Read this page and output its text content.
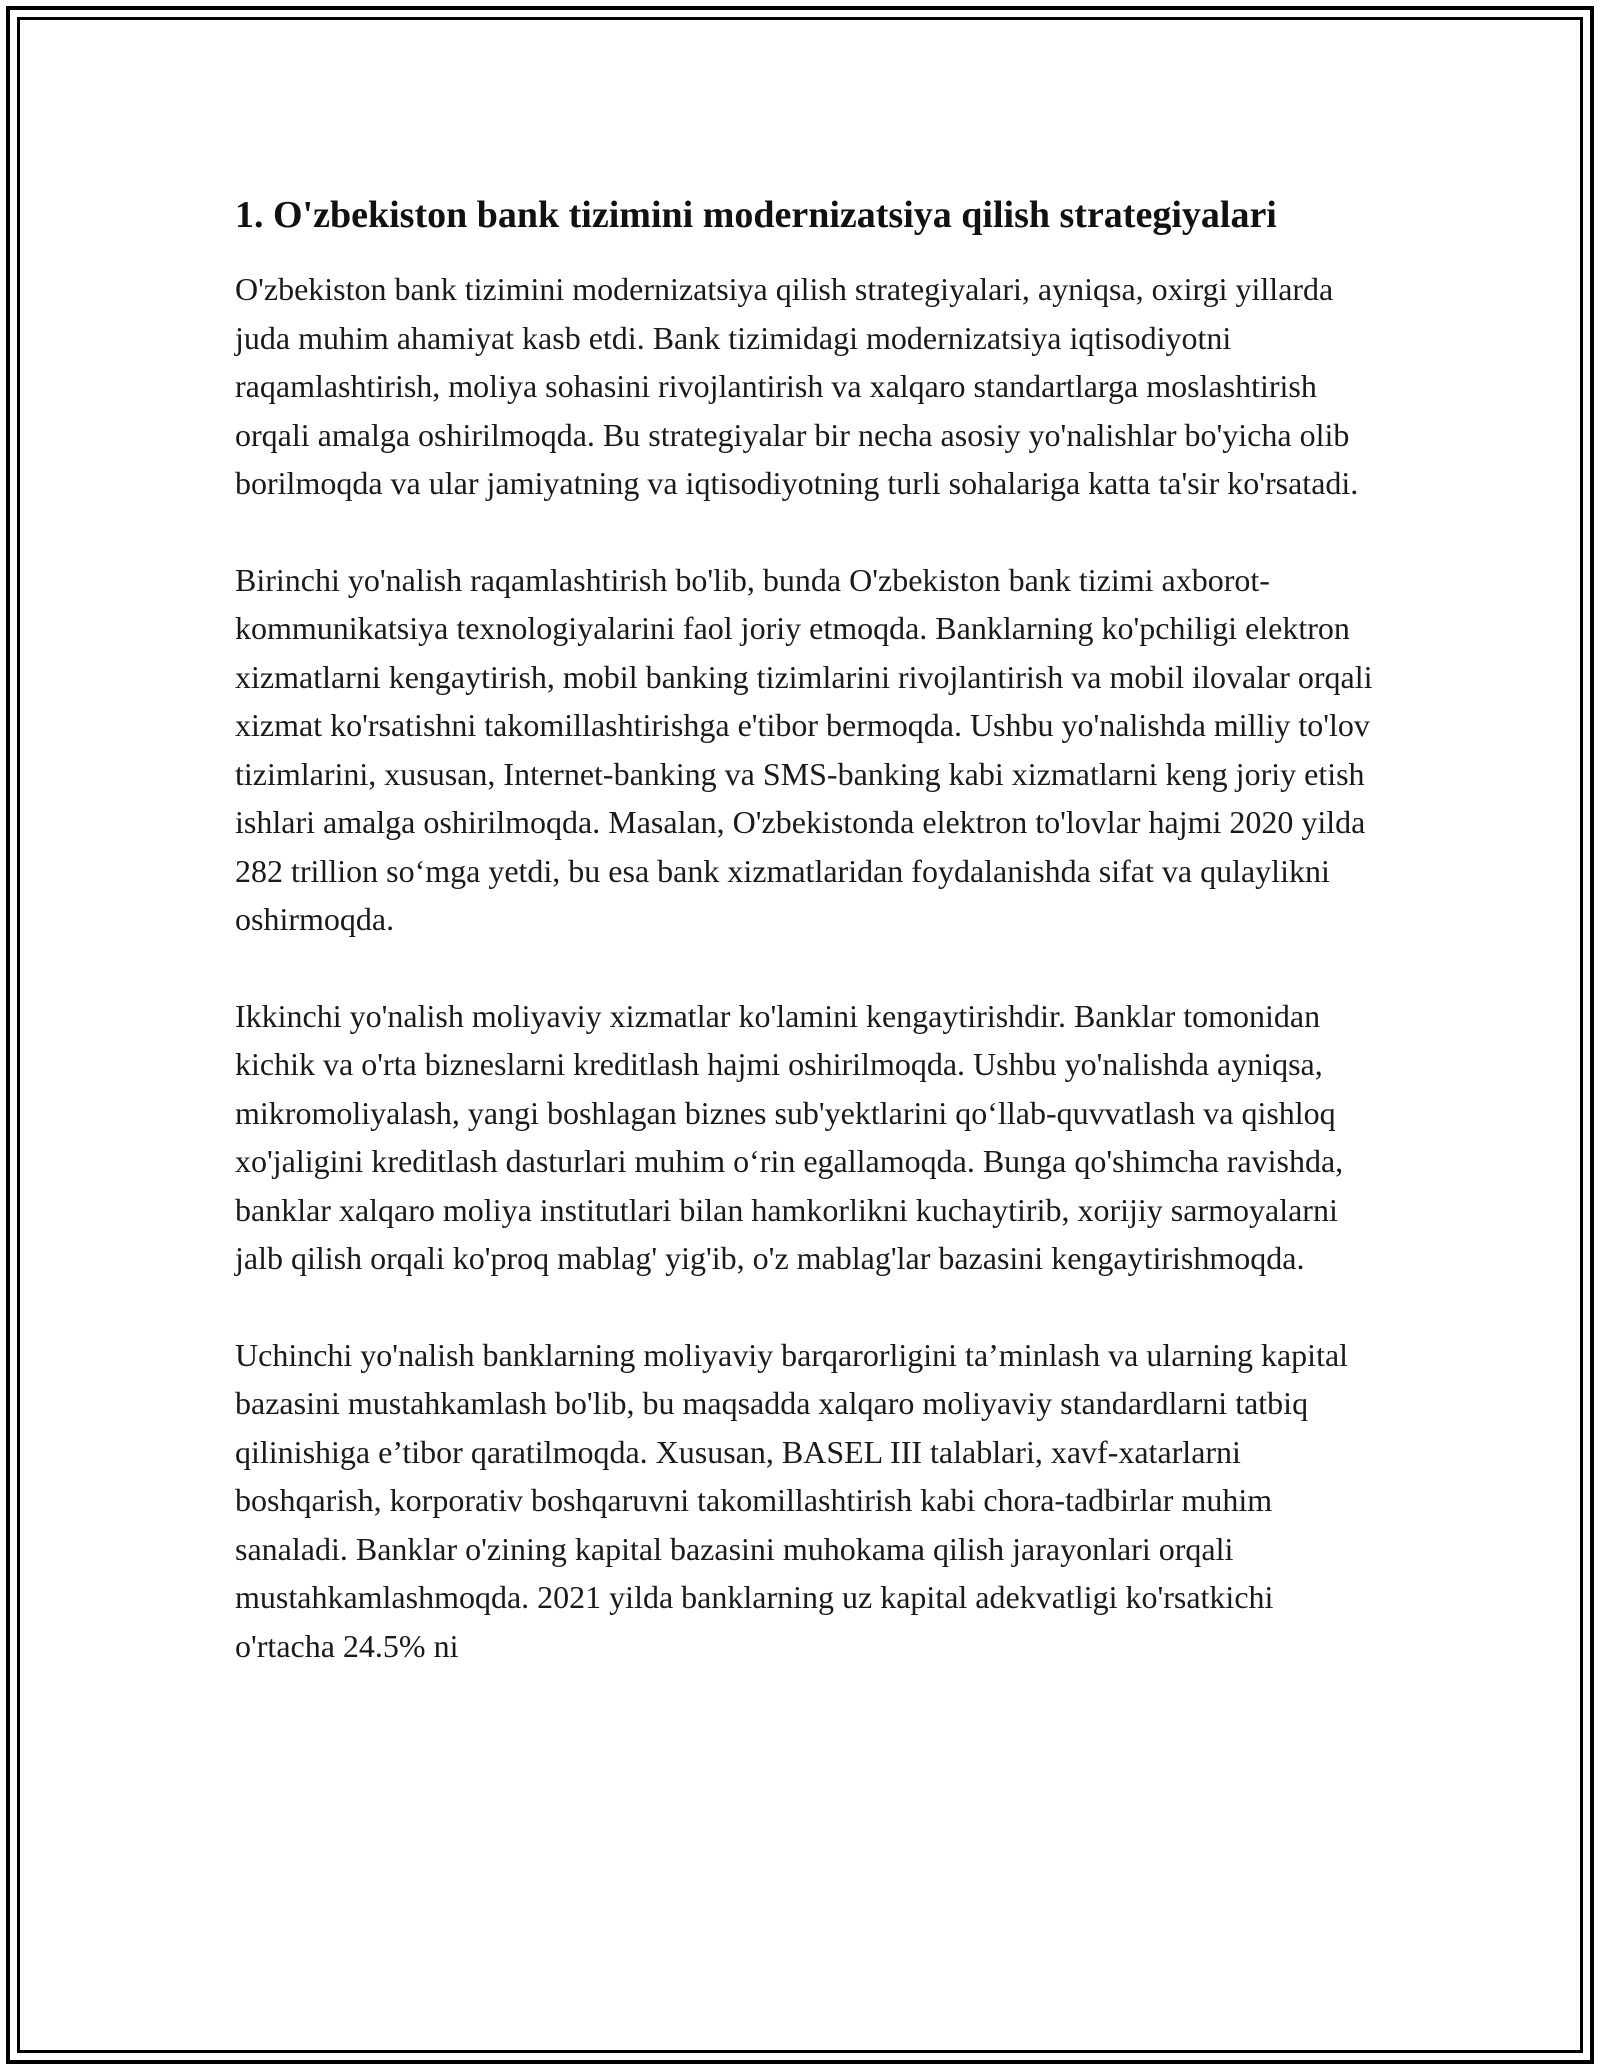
1. O'zbekiston bank tizimini modernizatsiya qilish strategiyalari

O'zbekiston bank tizimini modernizatsiya qilish strategiyalari, ayniqsa, oxirgi yillarda juda muhim ahamiyat kasb etdi. Bank tizimidagi modernizatsiya iqtisodiyotni raqamlashtirish, moliya sohasini rivojlantirish va xalqaro standartlarga moslashtirish orqali amalga oshirilmoqda. Bu strategiyalar bir necha asosiy yo'nalishlar bo'yicha olib borilmoqda va ular jamiyatning va iqtisodiyotning turli sohalariga katta ta'sir ko'rsatadi.

Birinchi yo'nalish raqamlashtirish bo'lib, bunda O'zbekiston bank tizimi axborot-kommunikatsiya texnologiyalarini faol joriy etmoqda. Banklarning ko'pchiligi elektron xizmatlarni kengaytirish, mobil banking tizimlarini rivojlantirish va mobil ilovalar orqali xizmat ko'rsatishni takomillashtirishga e'tibor bermoqda. Ushbu yo'nalishda milliy to'lov tizimlarini, xususan, Internet-banking va SMS-banking kabi xizmatlarni keng joriy etish ishlari amalga oshirilmoqda. Masalan, O'zbekistonda elektron to'lovlar hajmi 2020 yilda 282 trillion so‘mga yetdi, bu esa bank xizmatlaridan foydalanishda sifat va qulaylikni oshirmoqda.

Ikkinchi yo'nalish moliyaviy xizmatlar ko'lamini kengaytirishdir. Banklar tomonidan kichik va o'rta bizneslarni kreditlash hajmi oshirilmoqda. Ushbu yo'nalishda ayniqsa, mikromoliyalash, yangi boshlagan biznes sub'yektlarini qo‘llab-quvvatlash va qishloq xo'jaligini kreditlash dasturlari muhim o‘rin egallamoqda. Bunga qo'shimcha ravishda, banklar xalqaro moliya institutlari bilan hamkorlikni kuchaytirib, xorijiy sarmoyalarni jalb qilish orqali ko'proq mablag' yig'ib, o'z mablag'lar bazasini kengaytirishmoqda.

Uchinchi yo'nalish banklarning moliyaviy barqarorligini ta’minlash va ularning kapital bazasini mustahkamlash bo'lib, bu maqsadda xalqaro moliyaviy standardlarni tatbiq qilinishiga e’tibor qaratilmoqda. Xususan, BASEL III talablari, xavf-xatarlarni boshqarish, korporativ boshqaruvni takomillashtirish kabi chora-tadbirlar muhim sanaladi. Banklar o'zining kapital bazasini muhokama qilish jarayonlari orqali mustahkamlashmoqda. 2021 yilda banklarning uz kapital adekvatligi ko'rsatkichi o'rtacha 24.5% ni
